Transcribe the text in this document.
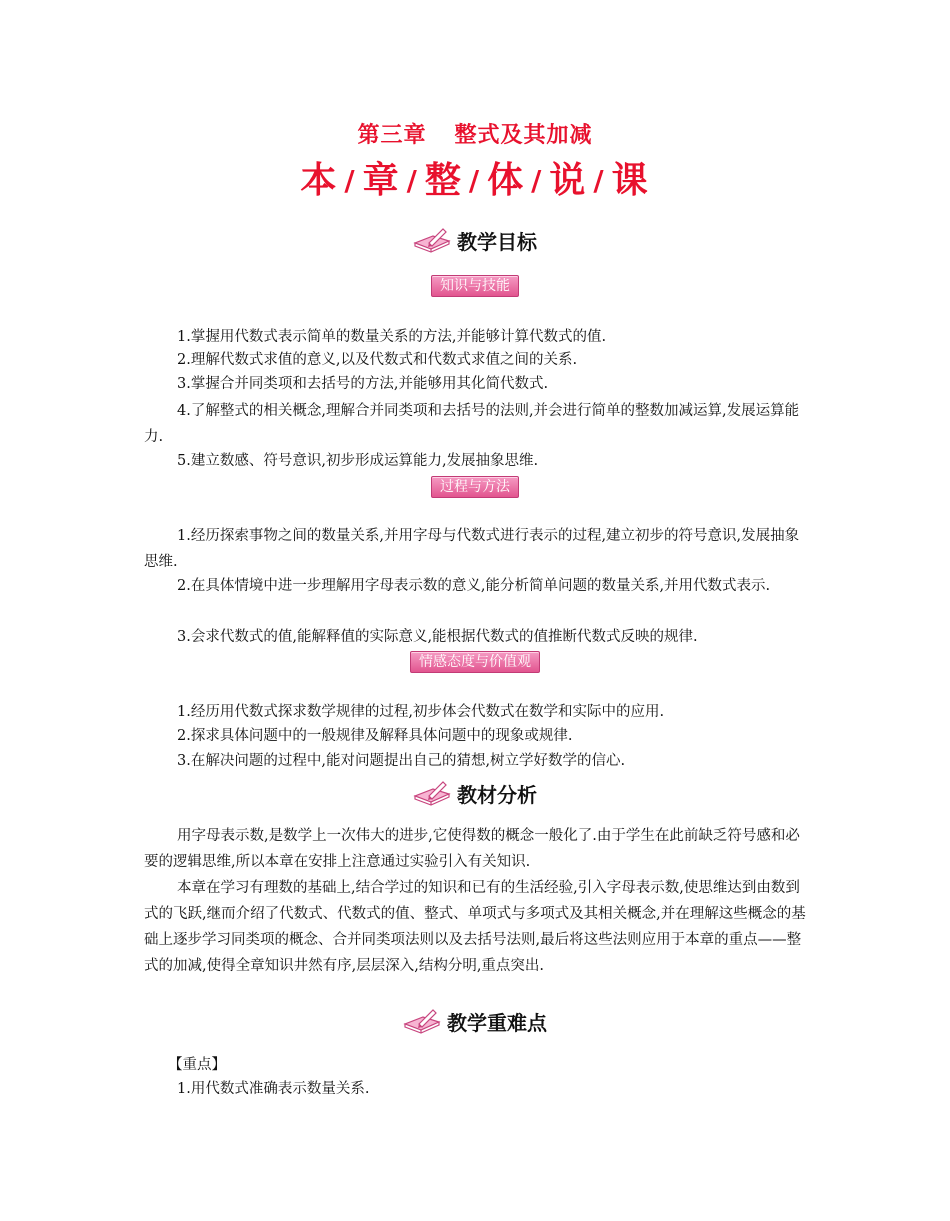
第三章 整式及其加减
本 / 章 / 整 / 体 / 说 / 课
教学目标
知识与技能
1.掌握用代数式表示简单的数量关系的方法,并能够计算代数式的值.
2.理解代数式求值的意义,以及代数式和代数式求值之间的关系.
3.掌握合并同类项和去括号的方法,并能够用其化简代数式.
4.了解整式的相关概念,理解合并同类项和去括号的法则,并会进行简单的整数加减运算,发展运算能力.
5.建立数感、符号意识,初步形成运算能力,发展抽象思维.
过程与方法
1.经历探索事物之间的数量关系,并用字母与代数式进行表示的过程,建立初步的符号意识,发展抽象思维.
2.在具体情境中进一步理解用字母表示数的意义,能分析简单问题的数量关系,并用代数式表示.
3.会求代数式的值,能解释值的实际意义,能根据代数式的值推断代数式反映的规律.
情感态度与价值观
1.经历用代数式探求数学规律的过程,初步体会代数式在数学和实际中的应用.
2.探求具体问题中的一般规律及解释具体问题中的现象或规律.
3.在解决问题的过程中,能对问题提出自己的猜想,树立学好数学的信心.
教材分析
用字母表示数,是数学上一次伟大的进步,它使得数的概念一般化了.由于学生在此前缺乏符号感和必要的逻辑思维,所以本章在安排上注意通过实验引入有关知识.
本章在学习有理数的基础上,结合学过的知识和已有的生活经验,引入字母表示数,使思维达到由数到式的飞跃,继而介绍了代数式、代数式的值、整式、单项式与多项式及其相关概念,并在理解这些概念的基础上逐步学习同类项的概念、合并同类项法则以及去括号法则,最后将这些法则应用于本章的重点——整式的加减,使得全章知识井然有序,层层深入,结构分明,重点突出.
教学重难点
【重点】
1.用代数式准确表示数量关系.
